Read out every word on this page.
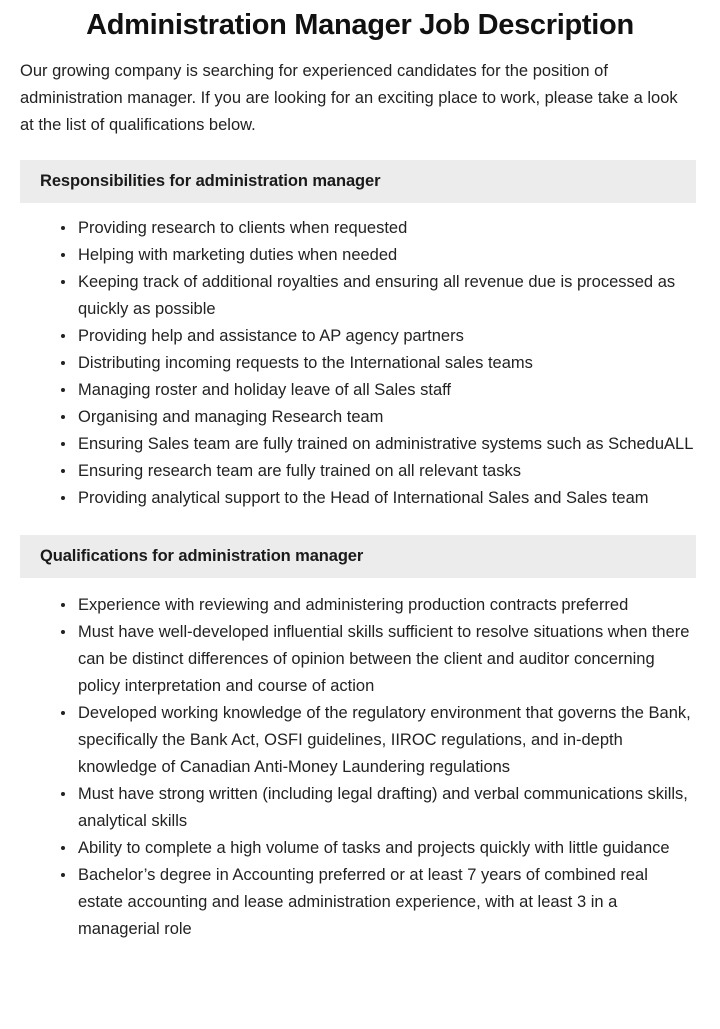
Administration Manager Job Description

Our growing company is searching for experienced candidates for the position of administration manager. If you are looking for an exciting place to work, please take a look at the list of qualifications below.

Responsibilities for administration manager
Providing research to clients when requested
Helping with marketing duties when needed
Keeping track of additional royalties and ensuring all revenue due is processed as quickly as possible
Providing help and assistance to AP agency partners
Distributing incoming requests to the International sales teams
Managing roster and holiday leave of all Sales staff
Organising and managing Research team
Ensuring Sales team are fully trained on administrative systems such as ScheduALL
Ensuring research team are fully trained on all relevant tasks
Providing analytical support to the Head of International Sales and Sales team
Qualifications for administration manager
Experience with reviewing and administering production contracts preferred
Must have well-developed influential skills sufficient to resolve situations when there can be distinct differences of opinion between the client and auditor concerning policy interpretation and course of action
Developed working knowledge of the regulatory environment that governs the Bank, specifically the Bank Act, OSFI guidelines, IIROC regulations, and in-depth knowledge of Canadian Anti-Money Laundering regulations
Must have strong written (including legal drafting) and verbal communications skills, analytical skills
Ability to complete a high volume of tasks and projects quickly with little guidance
Bachelor’s degree in Accounting preferred or at least 7 years of combined real estate accounting and lease administration experience, with at least 3 in a managerial role
